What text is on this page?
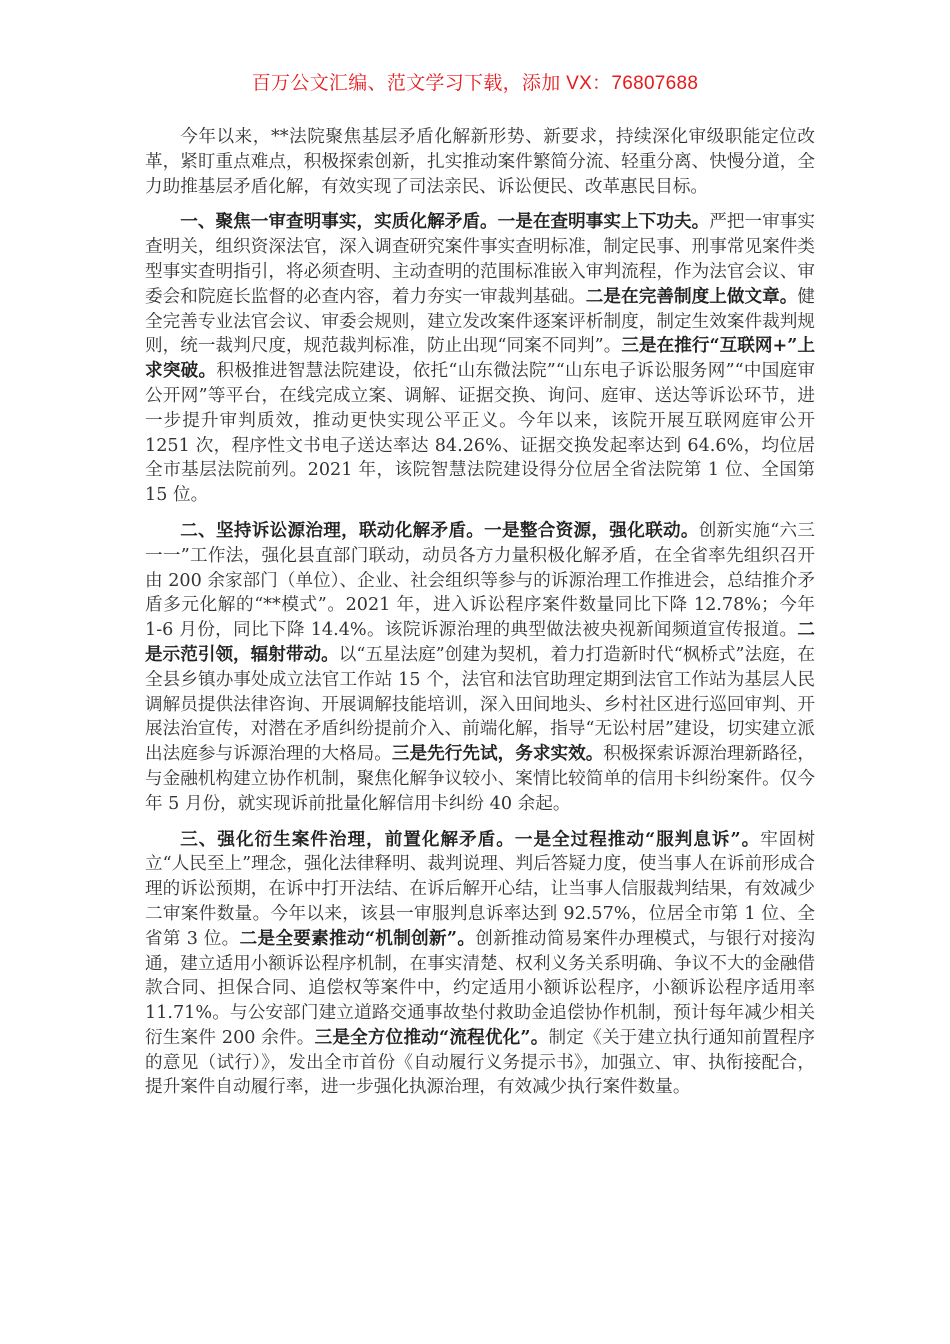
百万公文汇编、范文学习下载，添加 VX：76807688

今年以来，**法院聚焦基层矛盾化解新形势、新要求，持续深化审级职能定位改革，紧盯重点难点，积极探索创新，扎实推动案件繁简分流、轻重分离、快慢分道，全力助推基层矛盾化解，有效实现了司法亲民、诉讼便民、改革惠民目标。

一、聚焦一审查明事实，实质化解矛盾。一是在查明事实上下功夫。严把一审事实查明关，组织资深法官，深入调查研究案件事实查明标准，制定民事、刑事常见案件类型事实查明指引，将必须查明、主动查明的范围标准嵌入审判流程，作为法官会议、审委会和院庭长监督的必查内容，着力夯实一审裁判基础。二是在完善制度上做文章。健全完善专业法官会议、审委会规则，建立发改案件逐案评析制度，制定生效案件裁判规则，统一裁判尺度，规范裁判标准，防止出现“同案不同判”。三是在推行“互联网+”上求突破。积极推进智慧法院建设，依托“山东微法院”“山东电子诉讼服务网”“中国庭审公开网”等平台，在线完成立案、调解、证据交换、询问、庭审、送达等诉讼环节，进一步提升审判质效，推动更快实现公平正义。今年以来，该院开展互联网庭审公开 1251 次，程序性文书电子送达率达 84.26%、证据交换发起率达到 64.6%，均位居全市基层法院前列。2021 年，该院智慧法院建设得分位居全省法院第 1 位、全国第 15 位。

二、坚持诉讼源治理，联动化解矛盾。一是整合资源，强化联动。创新实施“六三一一”工作法，强化县直部门联动，动员各方力量积极化解矛盾，在全省率先组织召开由 200 余家部门（单位）、企业、社会组织等参与的诉源治理工作推进会，总结推介矛盾多元化解的“**模式”。2021 年，进入诉讼程序案件数量同比下降 12.78%；今年 1-6 月份，同比下降 14.4%。该院诉源治理的典型做法被央视新闻频道宣传报道。二是示范引领，辐射带动。以“五星法庭”创建为契机，着力打造新时代“枫桥式”法庭，在全县乡镇办事处成立法官工作站 15 个，法官和法官助理定期到法官工作站为基层人民调解员提供法律咨询、开展调解技能培训，深入田间地头、乡村社区进行巡回审判、开展法治宣传，对潜在矛盾纠纷提前介入、前端化解，指导“无讼村居”建设，切实建立派出法庭参与诉源治理的大格局。三是先行先试，务求实效。积极探索诉源治理新路径，与金融机构建立协作机制，聚焦化解争议较小、案情比较简单的信用卡纠纷案件。仅今年 5 月份，就实现诉前批量化解信用卡纠纷 40 余起。

三、强化衍生案件治理，前置化解矛盾。一是全过程推动“服判息诉”。牢固树立“人民至上”理念，强化法律释明、裁判说理、判后答疑力度，使当事人在诉前形成合理的诉讼预期，在诉中打开法结、在诉后解开心结，让当事人信服裁判结果，有效减少二审案件数量。今年以来，该县一审服判息诉率达到 92.57%，位居全市第 1 位、全省第 3 位。二是全要素推动“机制创新”。创新推动简易案件办理模式，与银行对接沟通，建立适用小额诉讼程序机制，在事实清楚、权利义务关系明确、争议不大的金融借款合同、担保合同、追偿权等案件中，约定适用小额诉讼程序，小额诉讼程序适用率 11.71%。与公安部门建立道路交通事故垫付救助金追偿协作机制，预计每年减少相关衍生案件 200 余件。三是全方位推动“流程优化”。制定《关于建立执行通知前置程序的意见（试行）》，发出全市首份《自动履行义务提示书》，加强立、审、执衔接配合，提升案件自动履行率，进一步强化执源治理，有效减少执行案件数量。
